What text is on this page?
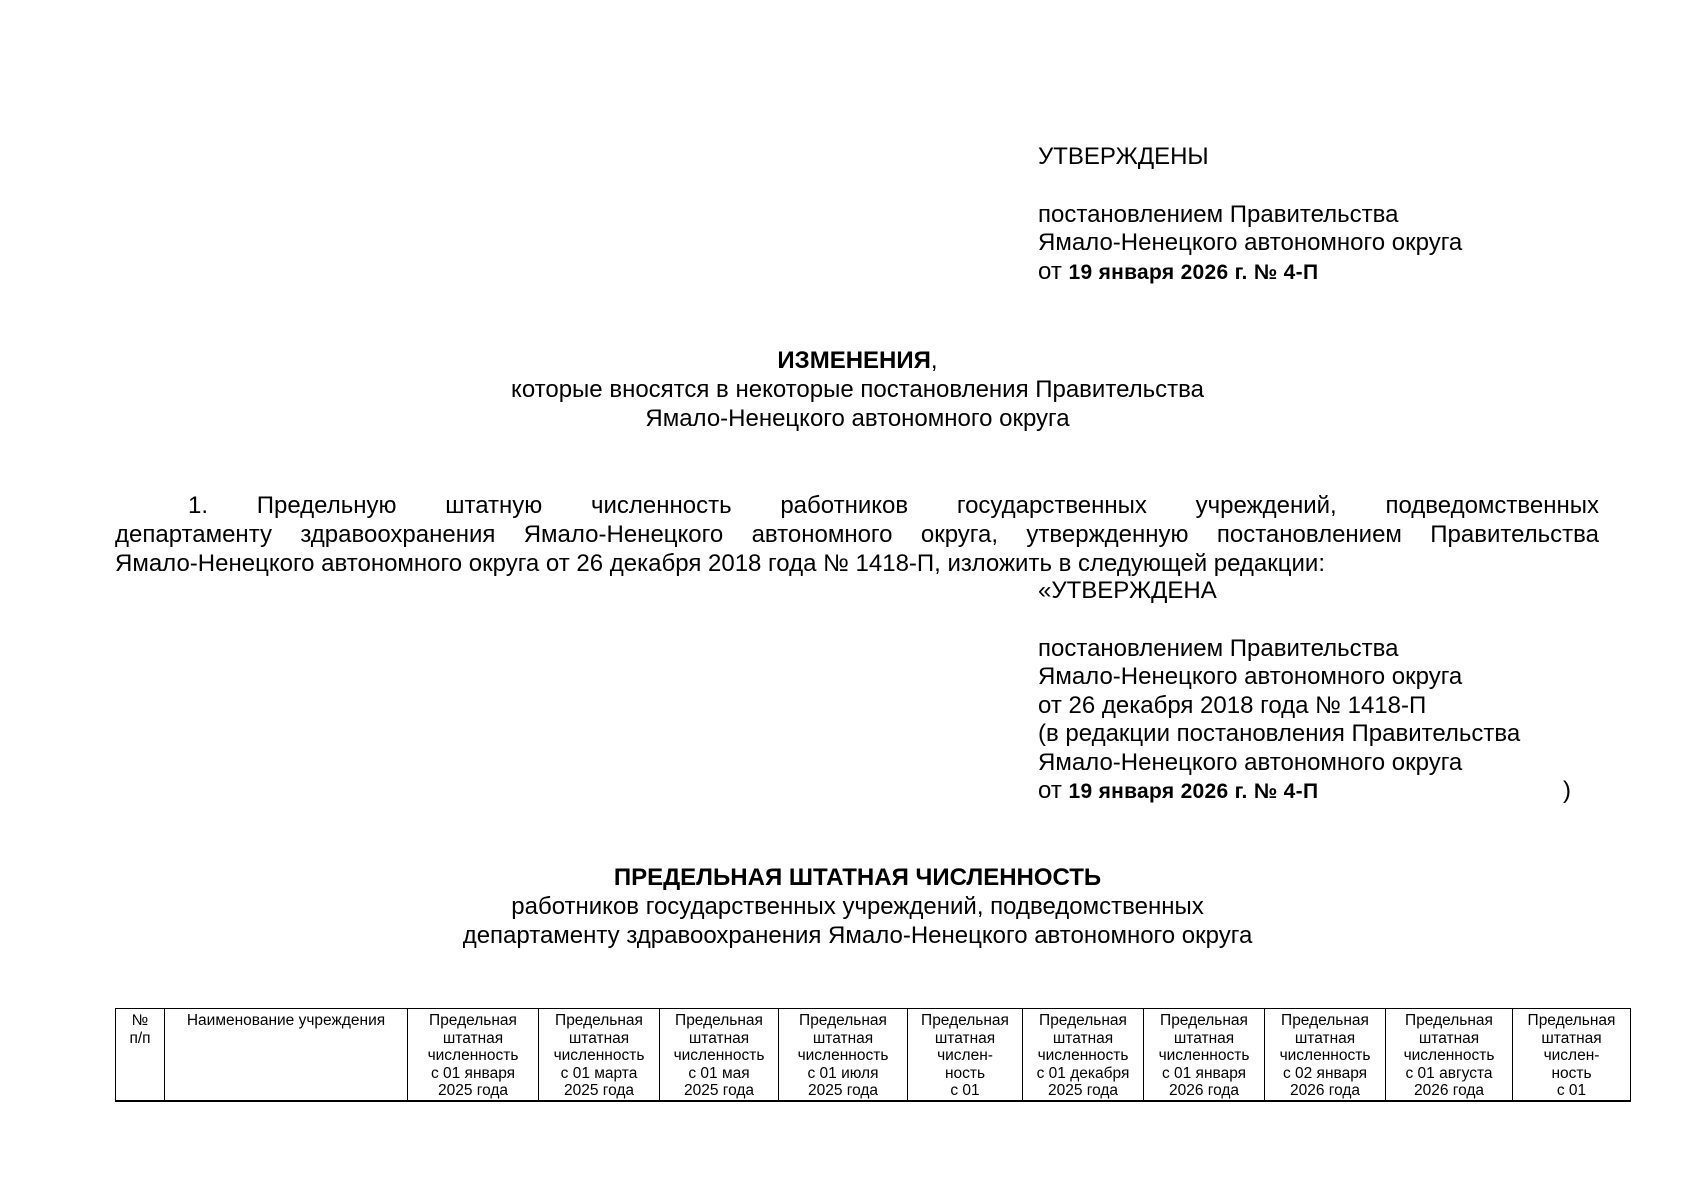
УТВЕРЖДЕНЫ
постановлением Правительства
Ямало-Ненецкого автономного округа
от 19 января 2026 г. № 4-П
ИЗМЕНЕНИЯ,
которые вносятся в некоторые постановления Правительства
Ямало-Ненецкого автономного округа
1. Предельную штатную численность работников государственных учреждений, подведомственных
департаменту здравоохранения Ямало-Ненецкого автономного округа, утвержденную постановлением Правительства
Ямало-Ненецкого автономного округа от 26 декабря 2018 года № 1418-П, изложить в следующей редакции:
«УТВЕРЖДЕНА
постановлением Правительства
Ямало-Ненецкого автономного округа
от 26 декабря 2018 года № 1418-П
(в редакции постановления Правительства
Ямало-Ненецкого автономного округа
от 19 января 2026 г. № 4-П	)
ПРЕДЕЛЬНАЯ ШТАТНАЯ ЧИСЛЕННОСТЬ
работников государственных учреждений, подведомственных
департаменту здравоохранения Ямало-Ненецкого автономного округа
№
п/п	Наименование учреждения	Предельная
штатная
численность
с 01 января
2025 года	Предельная
штатная
численность
с 01 марта
2025 года	Предельная
штатная
численность
с 01 мая
2025 года	Предельная
штатная
численность
с 01 июля
2025 года	Предельная
штатная
числен-
ность
с 01	Предельная
штатная
численность
с 01 декабря
2025 года	Предельная
штатная
численность
с 01 января
2026 года	Предельная
штатная
численность
с 02 января
2026 года	Предельная
штатная
численность
с 01 августа
2026 года	Предельная
штатная
числен-
ность
с 01
